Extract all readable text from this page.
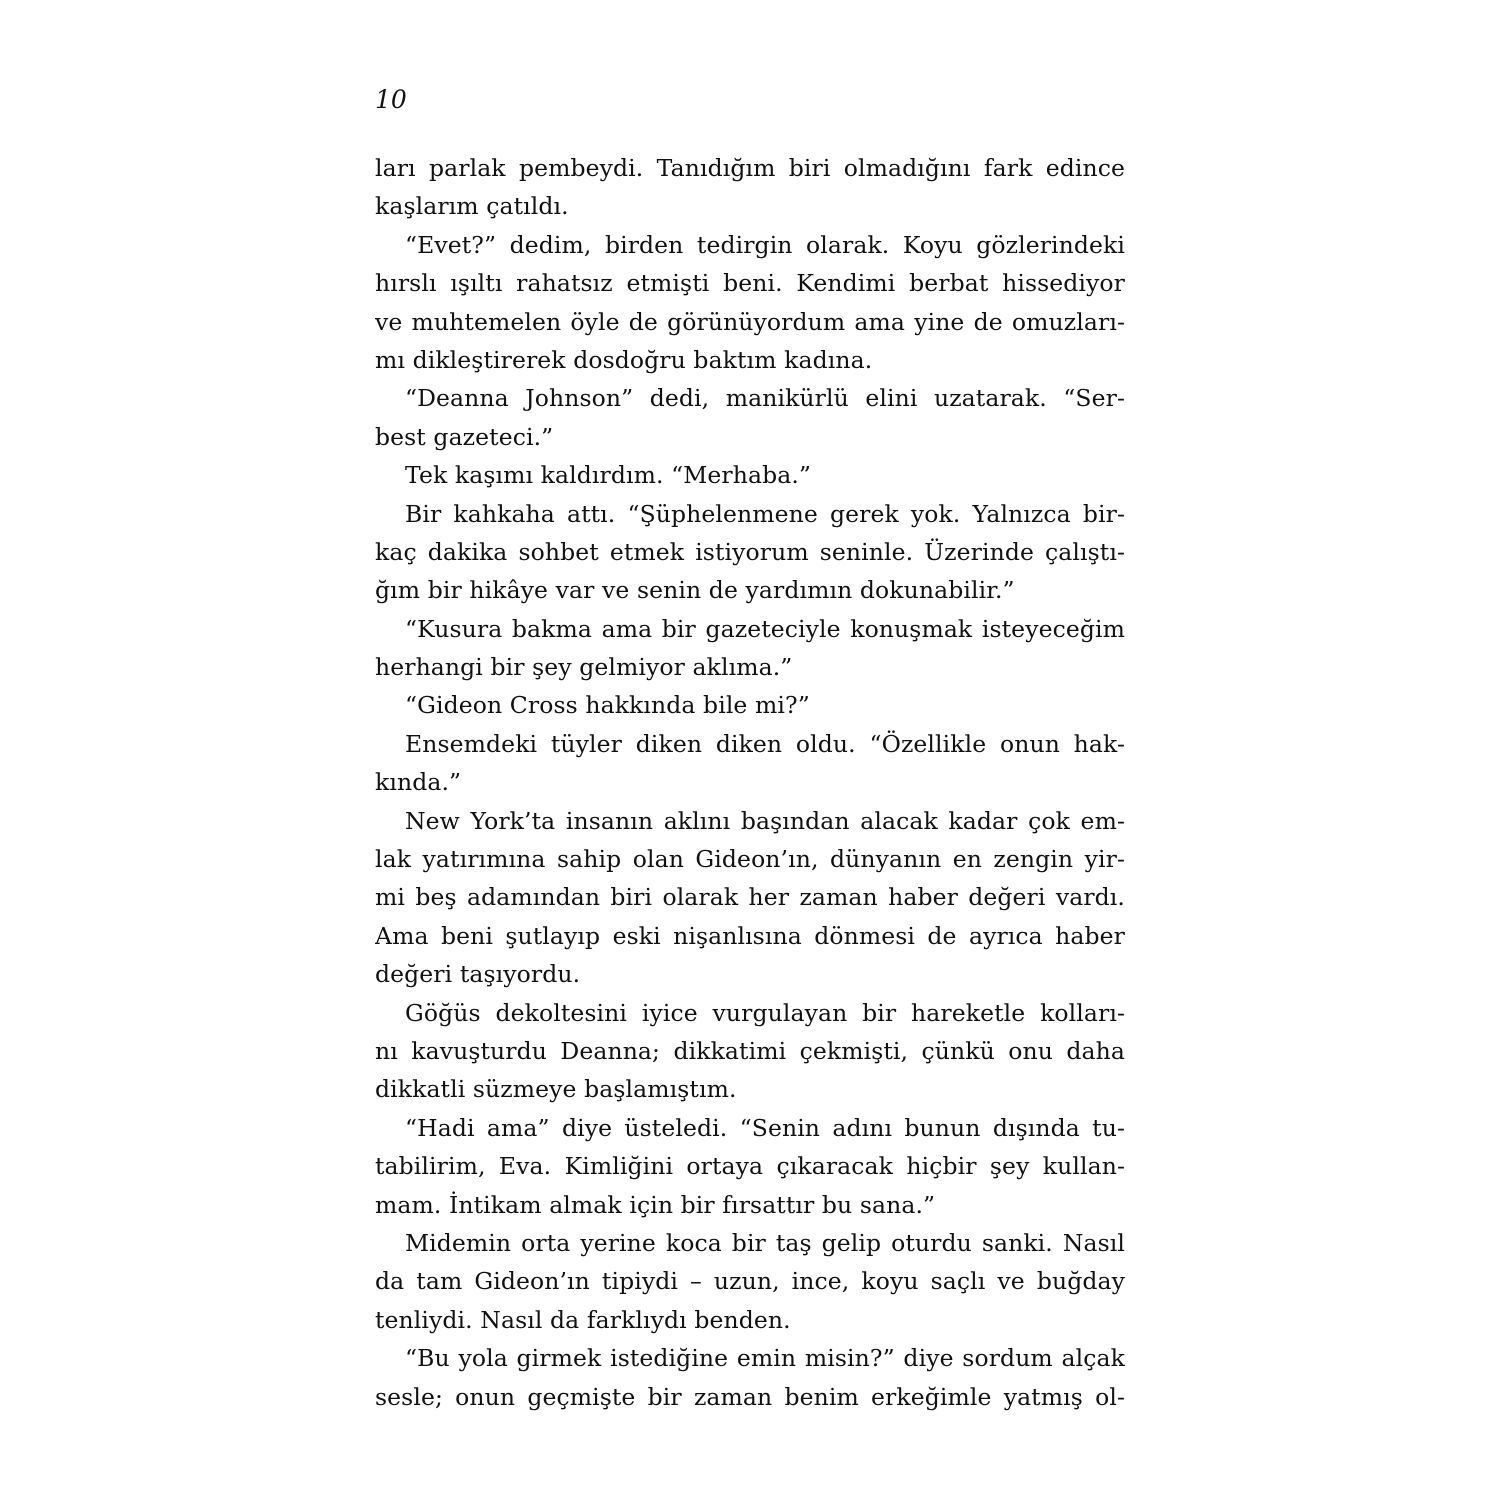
10
ları parlak pembeydi. Tanıdığım biri olmadığını fark edince
kaşlarım çatıldı.
“Evet?” dedim, birden tedirgin olarak. Koyu gözlerindeki
hırslı ışıltı rahatsız etmişti beni. Kendimi berbat hissediyor
ve muhtemelen öyle de görünüyordum ama yine de omuzları-
mı dikleştirerek dosdoğru baktım kadına.
“Deanna Johnson” dedi, manikürlü elini uzatarak. “Ser-
best gazeteci.”
Tek kaşımı kaldırdım. “Merhaba.”
Bir kahkaha attı. “Şüphelenmene gerek yok. Yalnızca bir-
kaç dakika sohbet etmek istiyorum seninle. Üzerinde çalıştı-
ğım bir hikâye var ve senin de yardımın dokunabilir.”
“Kusura bakma ama bir gazeteciyle konuşmak isteyeceğim
herhangi bir şey gelmiyor aklıma.”
“Gideon Cross hakkında bile mi?”
Ensemdeki tüyler diken diken oldu. “Özellikle onun hak-
kında.”
New York’ta insanın aklını başından alacak kadar çok em-
lak yatırımına sahip olan Gideon’ın, dünyanın en zengin yir-
mi beş adamından biri olarak her zaman haber değeri vardı.
Ama beni şutlayıp eski nişanlısına dönmesi de ayrıca haber
değeri taşıyordu.
Göğüs dekoltesini iyice vurgulayan bir hareketle kolları-
nı kavuşturdu Deanna; dikkatimi çekmişti, çünkü onu daha
dikkatli süzmeye başlamıştım.
“Hadi ama” diye üsteledi. “Senin adını bunun dışında tu-
tabilirim, Eva. Kimliğini ortaya çıkaracak hiçbir şey kullan-
mam. İntikam almak için bir fırsattır bu sana.”
Midemin orta yerine koca bir taş gelip oturdu sanki. Nasıl
da tam Gideon’ın tipiydi – uzun, ince, koyu saçlı ve buğday
tenliydi. Nasıl da farklıydı benden.
“Bu yola girmek istediğine emin misin?” diye sordum alçak
sesle; onun geçmişte bir zaman benim erkeğimle yatmış ol-
